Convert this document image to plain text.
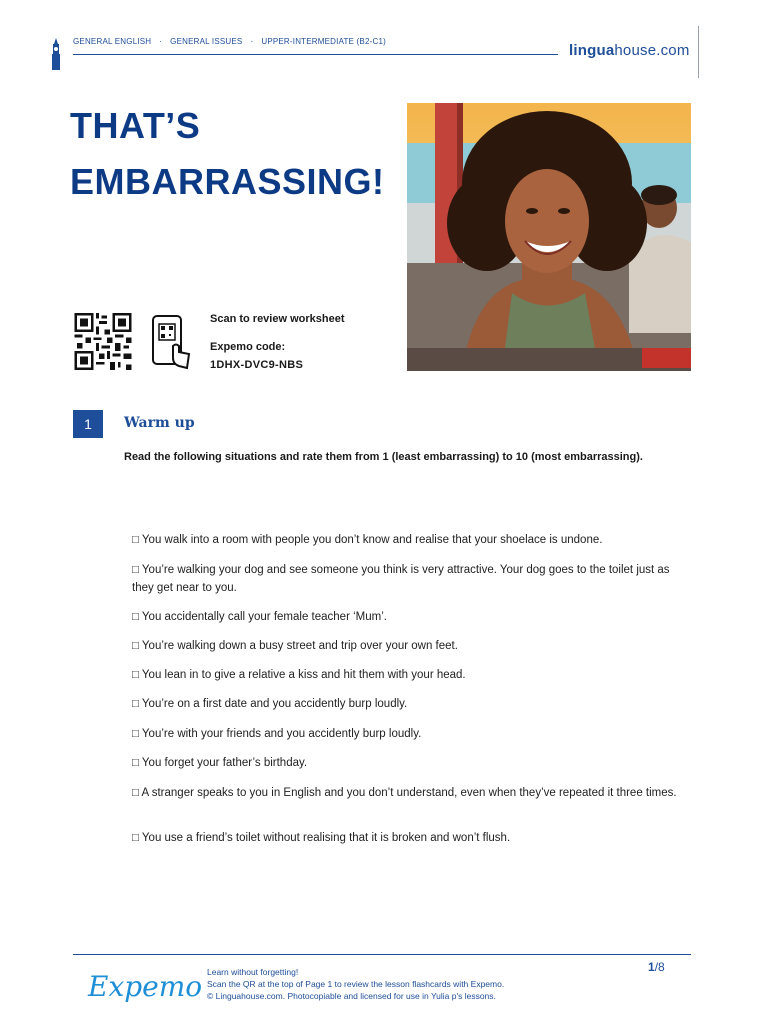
GENERAL ENGLISH · GENERAL ISSUES · UPPER-INTERMEDIATE (B2-C1)
linguahouse.com
THAT’S
EMBARRASSING!
Scan to review worksheet
Expemo code:
1DHX-DVC9-NBS
1	Warm up
Read the following situations and rate them from 1 (least embarrassing) to 10 (most embarrassing).
□ You walk into a room with people you don’t know and realise that your shoelace is undone.
□ You’re walking your dog and see someone you think is very attractive. Your dog goes to the toilet just as they get near to you.
□ You accidentally call your female teacher ‘Mum’.
□ You’re walking down a busy street and trip over your own feet.
□ You lean in to give a relative a kiss and hit them with your head.
□ You’re on a first date and you accidently burp loudly.
□ You’re with your friends and you accidently burp loudly.
□ You forget your father’s birthday.
□ A stranger speaks to you in English and you don’t understand, even when they’ve repeated it three times.
□ You use a friend’s toilet without realising that it is broken and won’t flush.
Expemo Learn without forgetting!
Scan the QR at the top of Page 1 to review the lesson flashcards with Expemo.
© Linguahouse.com. Photocopiable and licensed for use in Yulia p's lessons.
1/8
